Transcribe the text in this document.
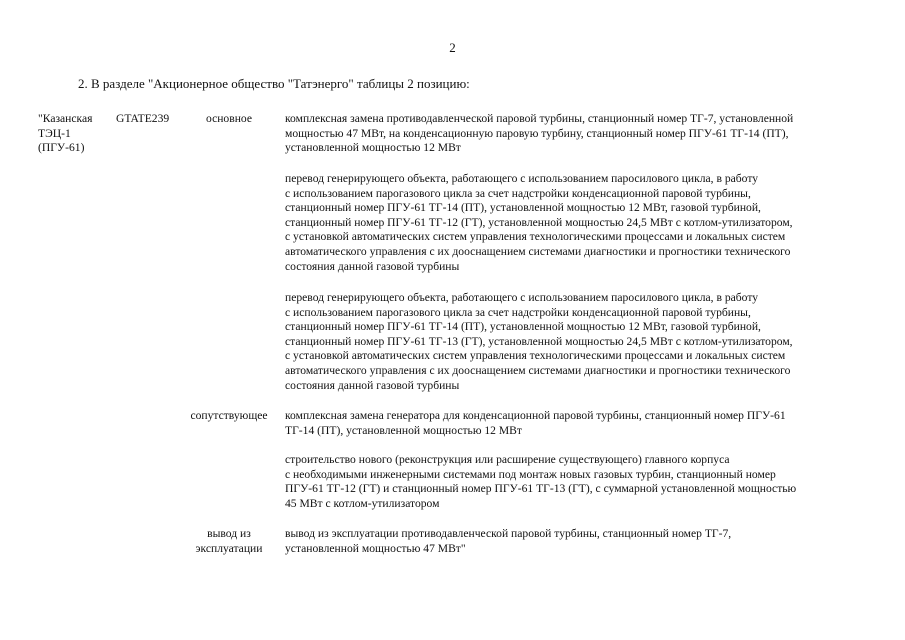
2
2. В разделе "Акционерное общество "Татэнерго" таблицы 2 позицию:
"Казанская
ТЭЦ-1
(ПГУ-61)
GTATE239	основное
сопутствующее
вывод из
эксплуатации
комплексная замена противодавленческой паровой турбины, станционный номер ТГ-7, установленной
мощностью 47 МВт, на конденсационную паровую турбину, станционный номер ПГУ-61 ТГ-14 (ПТ),
установленной мощностью 12 МВт
перевод генерирующего объекта, работающего с использованием паросилового цикла, в работу
с использованием парогазового цикла за счет надстройки конденсационной паровой турбины,
станционный номер ПГУ-61 ТГ-14 (ПТ), установленной мощностью 12 МВт, газовой турбиной,
станционный номер ПГУ-61 ТГ-12 (ГТ), установленной мощностью 24,5 МВт с котлом-утилизатором,
с установкой автоматических систем управления технологическими процессами и локальных систем
автоматического управления с их дооснащением системами диагностики и прогностики технического
состояния данной газовой турбины
перевод генерирующего объекта, работающего с использованием паросилового цикла, в работу
с использованием парогазового цикла за счет надстройки конденсационной паровой турбины,
станционный номер ПГУ-61 ТГ-14 (ПТ), установленной мощностью 12 МВт, газовой турбиной,
станционный номер ПГУ-61 ТГ-13 (ГТ), установленной мощностью 24,5 МВт с котлом-утилизатором,
с установкой автоматических систем управления технологическими процессами и локальных систем
автоматического управления с их дооснащением системами диагностики и прогностики технического
состояния данной газовой турбины
комплексная замена генератора для конденсационной паровой турбины, станционный номер ПГУ-61
ТГ-14 (ПТ), установленной мощностью 12 МВт
строительство нового (реконструкция или расширение существующего) главного корпуса
с необходимыми инженерными системами под монтаж новых газовых турбин, станционный номер
ПГУ-61 ТГ-12 (ГТ) и станционный номер ПГУ-61 ТГ-13 (ГТ), с суммарной установленной мощностью
45 МВт с котлом-утилизатором
вывод из эксплуатации противодавленческой паровой турбины, станционный номер ТГ-7,
установленной мощностью 47 МВт"
